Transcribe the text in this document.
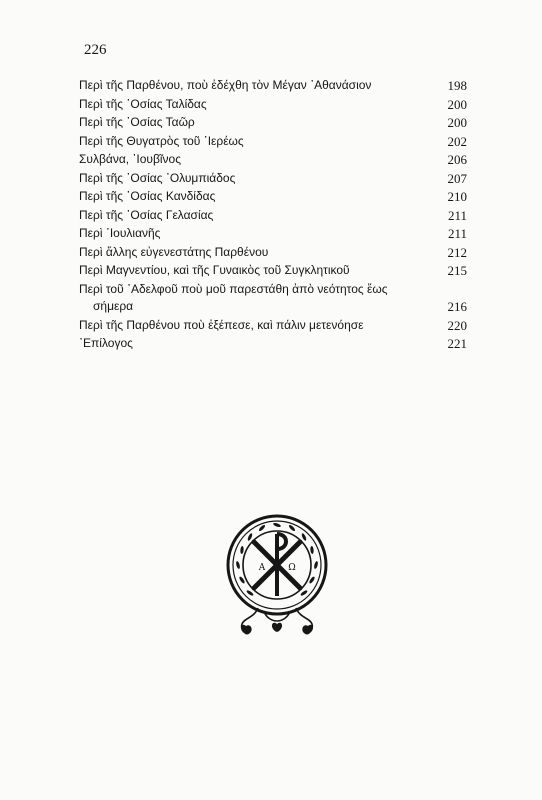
226
Περὶ τῆς Παρθένου, ποὺ ἐδέχθη τὸν Μέγαν ᾿Αθανάσιον	198
Περὶ τῆς ῾Οσίας Ταλίδας	200
Περὶ τῆς ῾Οσίας Ταῶρ	200
Περὶ τῆς Θυγατρὸς τοῦ ῾Ιερέως	202
Συλβάνα, ᾿Ιουβῖνος	206
Περὶ τῆς ῾Οσίας ᾿Ολυμπιάδος	207
Περὶ τῆς ῾Οσίας Κανδίδας	210
Περὶ τῆς ῾Οσίας Γελασίας	211
Περὶ ᾿Ιουλιανῆς	211
Περὶ ἄλλης εὐγενεστάτης Παρθένου	212
Περὶ Μαγνεντίου, καὶ τῆς Γυναικὸς τοῦ Συγκλητικοῦ	215
Περὶ τοῦ ᾿Αδελφοῦ ποὺ μοῦ παρεστάθη ἀπὸ νεότητος ἕως
σήμερα	216
Περὶ τῆς Παρθένου ποὺ ἐξέπεσε, καὶ πάλιν μετενόησε	220
᾿Επίλογος	221
Α	Ω
